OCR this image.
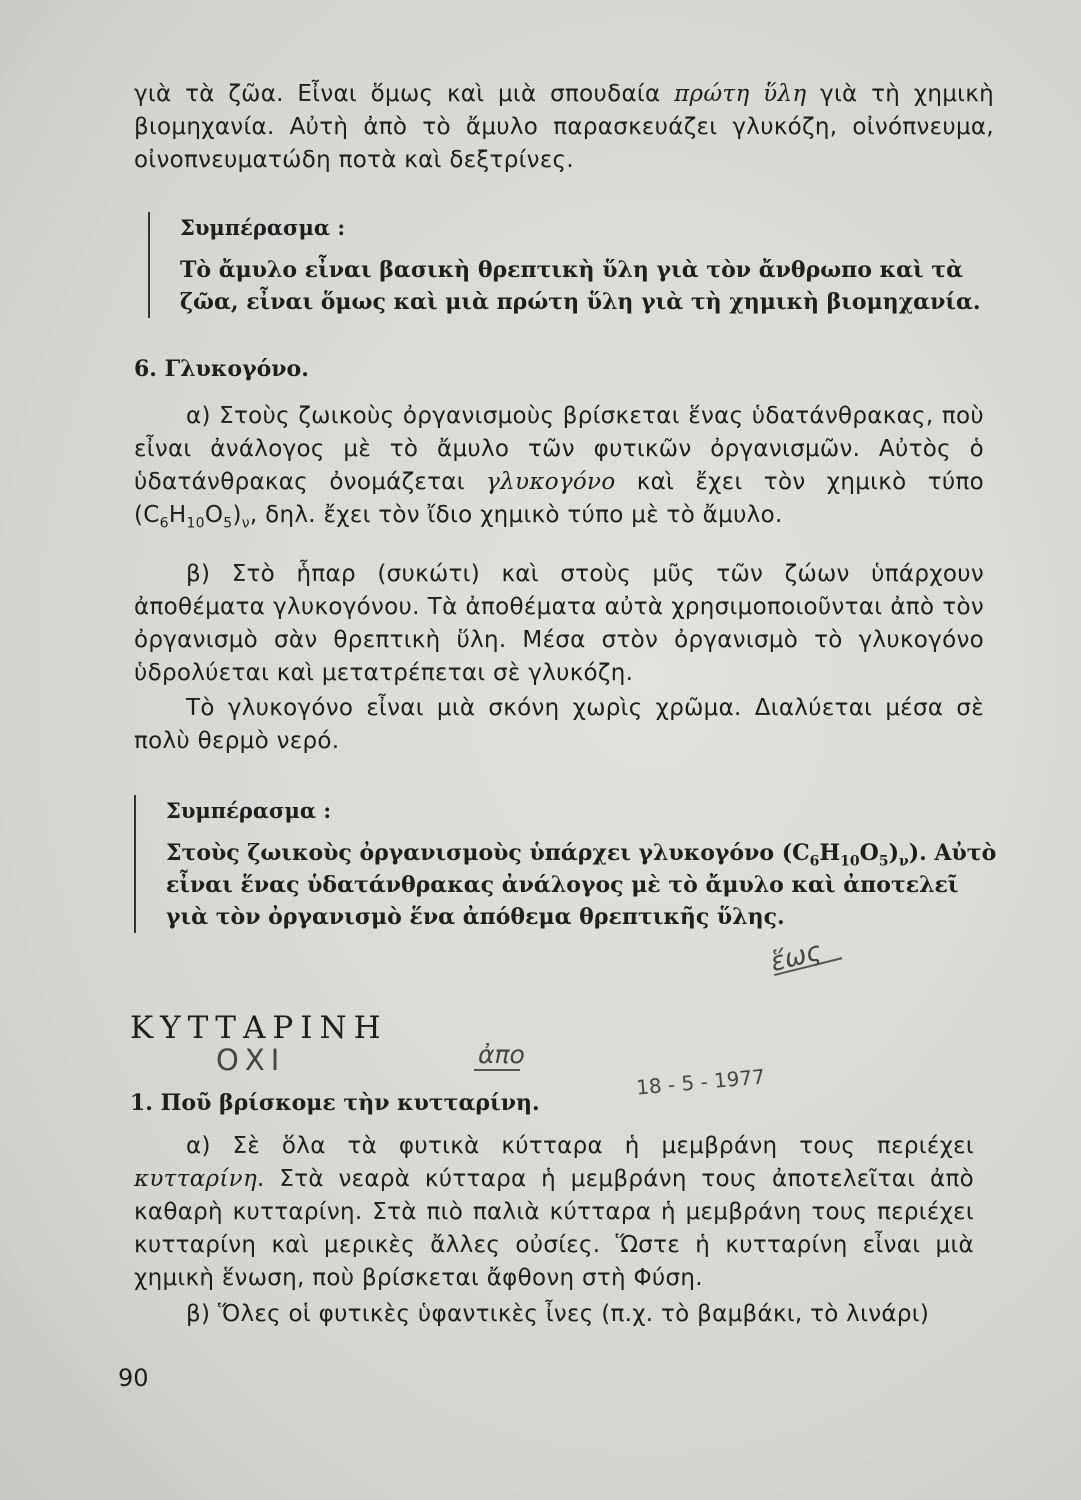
γιὰ τὰ ζῶα. Εἶναι ὅμως καὶ μιὰ σπουδαία πρώτη ὕλη γιὰ τὴ χημικὴ βιομηχανία. Αὐτὴ ἀπὸ τὸ ἄμυλο παρασκευάζει γλυκόζη, οἰνόπνευμα, οἰνοπνευματώδη ποτὰ καὶ δεξτρίνες.

Συμπέρασμα :
Τὸ ἄμυλο εἶναι βασικὴ θρεπτικὴ ὕλη γιὰ τὸν ἄνθρωπο καὶ τὰ ζῶα, εἶναι ὅμως καὶ μιὰ πρώτη ὕλη γιὰ τὴ χημικὴ βιομηχανία.
6. Γλυκογόνο.

α) Στοὺς ζωικοὺς ὀργανισμοὺς βρίσκεται ἕνας ὑδατάνθρακας, ποὺ εἶναι ἀνάλογος μὲ τὸ ἄμυλο τῶν φυτικῶν ὀργανισμῶν. Αὐτὸς ὁ ὑδατάνθρακας ὀνομάζεται γλυκογόνο καὶ ἔχει τὸν χημικὸ τύπο $(C_6H_{10}O_5)_\nu$, δηλ. ἔχει τὸν ἴδιο χημικὸ τύπο μὲ τὸ ἄμυλο.

β) Στὸ ἧπαρ (συκώτι) καὶ στοὺς μῦς τῶν ζώων ὑπάρχουν ἀποθέματα γλυκογόνου. Τὰ ἀποθέματα αὐτὰ χρησιμοποιοῦνται ἀπὸ τὸν ὀργανισμὸ σὰν θρεπτικὴ ὕλη. Μέσα στὸν ὀργανισμὸ τὸ γλυκογόνο ὑδρολύεται καὶ μετατρέπεται σὲ γλυκόζη.

Τὸ γλυκογόνο εἶναι μιὰ σκόνη χωρὶς χρῶμα. Διαλύεται μέσα σὲ πολὺ θερμὸ νερό.

Συμπέρασμα :
Στοὺς ζωικοὺς ὀργανισμοὺς ὑπάρχει γλυκογόνο $(C_6H_{10}O_5)_\nu$). Αὐτὸ εἶναι ἕνας ὑδατάνθρακας ἀνάλογος μὲ τὸ ἄμυλο καὶ ἀποτελεῖ γιὰ τὸν ὀργανισμὸ ἕνα ἀπόθεμα θρεπτικῆς ὕλης.
ἕως
ΚΥΤΤΑΡΙΝΗ
ΟΧΙ	ἀπο
18 - 5 - 1977
1. Ποῦ βρίσκομε τὴν κυτταρίνη.

α) Σὲ ὅλα τὰ φυτικὰ κύτταρα ἡ μεμβράνη τους περιέχει κυτταρίνη. Στὰ νεαρὰ κύτταρα ἡ μεμβράνη τους ἀποτελεῖται ἀπὸ καθαρὴ κυτταρίνη. Στὰ πιὸ παλιὰ κύτταρα ἡ μεμβράνη τους περιέχει κυτταρίνη καὶ μερικὲς ἄλλες οὐσίες. Ὥστε ἡ κυτταρίνη εἶναι μιὰ χημικὴ ἕνωση, ποὺ βρίσκεται ἄφθονη στὴ Φύση.

β) Ὅλες οἱ φυτικὲς ὑφαντικὲς ἶνες (π.χ. τὸ βαμβάκι, τὸ λινάρι)

90
